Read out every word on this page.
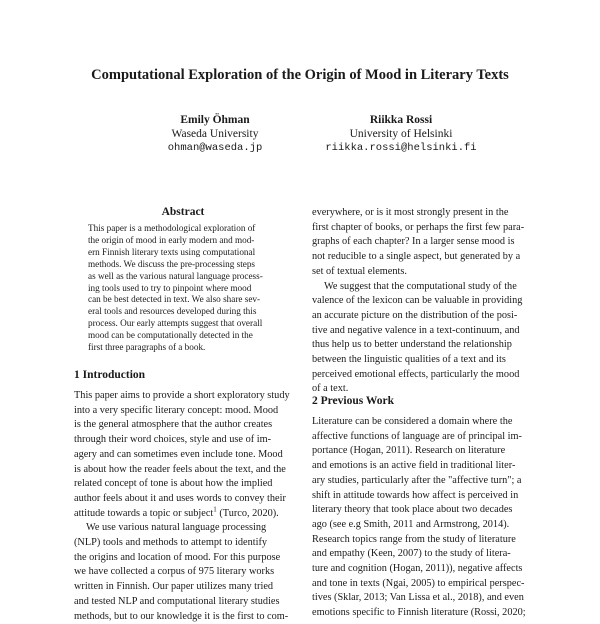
Computational Exploration of the Origin of Mood in Literary Texts
Emily Öhman
Waseda University
ohman@waseda.jp
Riikka Rossi
University of Helsinki
riikka.rossi@helsinki.fi
Abstract
This paper is a methodological exploration of
the origin of mood in early modern and mod-
ern Finnish literary texts using computational
methods. We discuss the pre-processing steps
as well as the various natural language process-
ing tools used to try to pinpoint where mood
can be best detected in text. We also share sev-
eral tools and resources developed during this
process. Our early attempts suggest that overall
mood can be computationally detected in the
first three paragraphs of a book.
1 Introduction
This paper aims to provide a short exploratory study
into a very specific literary concept: mood. Mood
is the general atmosphere that the author creates
through their word choices, style and use of im-
agery and can sometimes even include tone. Mood
is about how the reader feels about the text, and the
related concept of tone is about how the implied
author feels about it and uses words to convey their
attitude towards a topic or subject$^1$ (Turco, 2020).
We use various natural language processing
(NLP) tools and methods to attempt to identify
the origins and location of mood. For this purpose
we have collected a corpus of 975 literary works
written in Finnish. Our paper utilizes many tried
and tested NLP and computational literary studies
methods, but to our knowledge it is the first to com-
everywhere, or is it most strongly present in the
first chapter of books, or perhaps the first few para-
graphs of each chapter? In a larger sense mood is
not reducible to a single aspect, but generated by a
set of textual elements.
We suggest that the computational study of the
valence of the lexicon can be valuable in providing
an accurate picture on the distribution of the posi-
tive and negative valence in a text-continuum, and
thus help us to better understand the relationship
between the linguistic qualities of a text and its
perceived emotional effects, particularly the mood
of a text.
2 Previous Work
Literature can be considered a domain where the
affective functions of language are of principal im-
portance (Hogan, 2011). Research on literature
and emotions is an active field in traditional liter-
ary studies, particularly after the "affective turn"; a
shift in attitude towards how affect is perceived in
literary theory that took place about two decades
ago (see e.g Smith, 2011 and Armstrong, 2014).
Research topics range from the study of literature
and empathy (Keen, 2007) to the study of litera-
ture and cognition (Hogan, 2011)), negative affects
and tone in texts (Ngai, 2005) to empirical perspec-
tives (Sklar, 2013; Van Lissa et al., 2018), and even
emotions specific to Finnish literature (Rossi, 2020;
